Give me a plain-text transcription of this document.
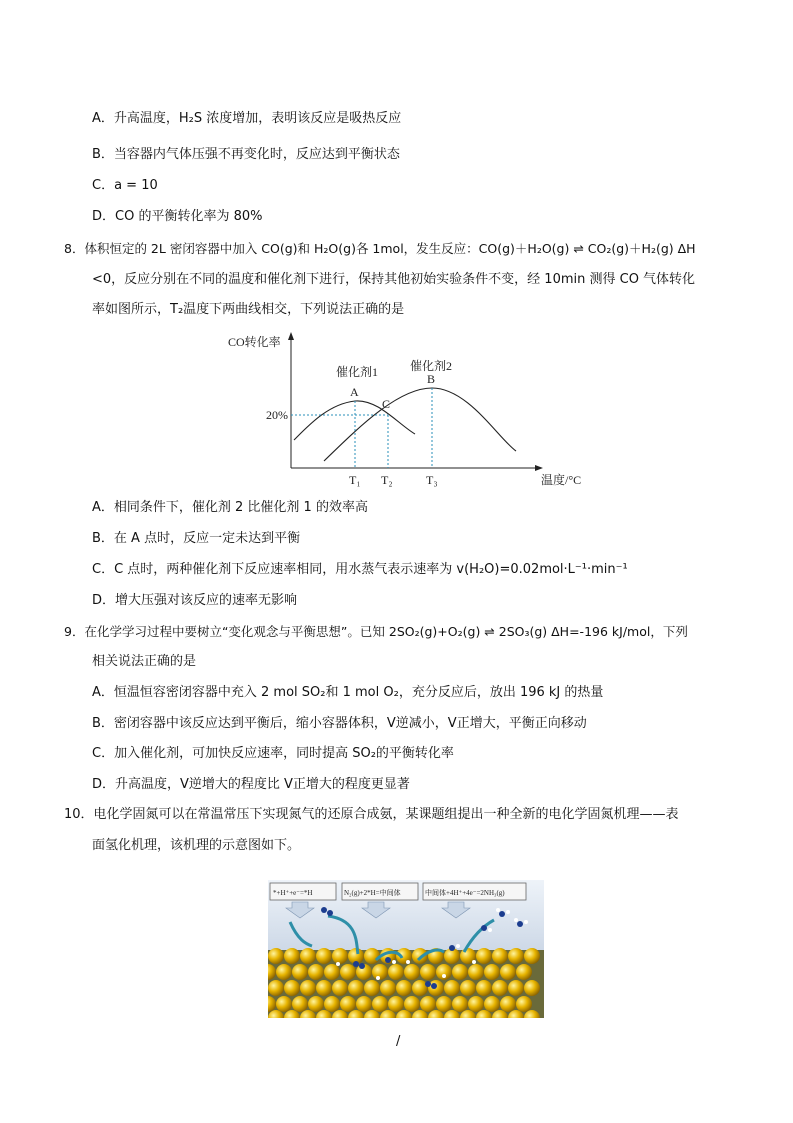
A．升高温度，H₂S 浓度增加，表明该反应是吸热反应
B．当容器内气体压强不再变化时，反应达到平衡状态
C．a = 10
D．CO 的平衡转化率为 80%
8．体积恒定的 2L 密闭容器中加入 CO(g)和 H₂O(g)各 1mol，发生反应：CO(g)＋H₂O(g) ⇌ CO₂(g)＋H₂(g) ΔH
<0，反应分别在不同的温度和催化剂下进行，保持其他初始实验条件不变，经 10min 测得 CO 气体转化
率如图所示，T₂温度下两曲线相交，下列说法正确的是
CO转化率
温度/°C
20%
催化剂1	催化剂2
A
B
C
T₁ T₂	T₃
A．相同条件下，催化剂 2 比催化剂 1 的效率高
B．在 A 点时，反应一定未达到平衡
C．C 点时，两种催化剂下反应速率相同，用水蒸气表示速率为 v(H₂O)=0.02mol·L⁻¹·min⁻¹
D．增大压强对该反应的速率无影响
9．在化学学习过程中要树立“变化观念与平衡思想”。已知 2SO₂(g)+O₂(g) ⇌ 2SO₃(g) ΔH=-196 kJ/mol，下列
相关说法正确的是
A．恒温恒容密闭容器中充入 2 mol SO₂和 1 mol O₂，充分反应后，放出 196 kJ 的热量
B．密闭容器中该反应达到平衡后，缩小容器体积，V逆减小，V正增大，平衡正向移动
C．加入催化剂，可加快反应速率，同时提高 SO₂的平衡转化率
D．升高温度，V逆增大的程度比 V正增大的程度更显著
10．电化学固氮可以在常温常压下实现氮气的还原合成氨，某课题组提出一种全新的电化学固氮机理——表
面氢化机理，该机理的示意图如下。
*+H⁺+e⁻=*H	N₂(g)+2*H=中间体	中间体+4H⁺+4e⁻=2NH₃(g)
/
